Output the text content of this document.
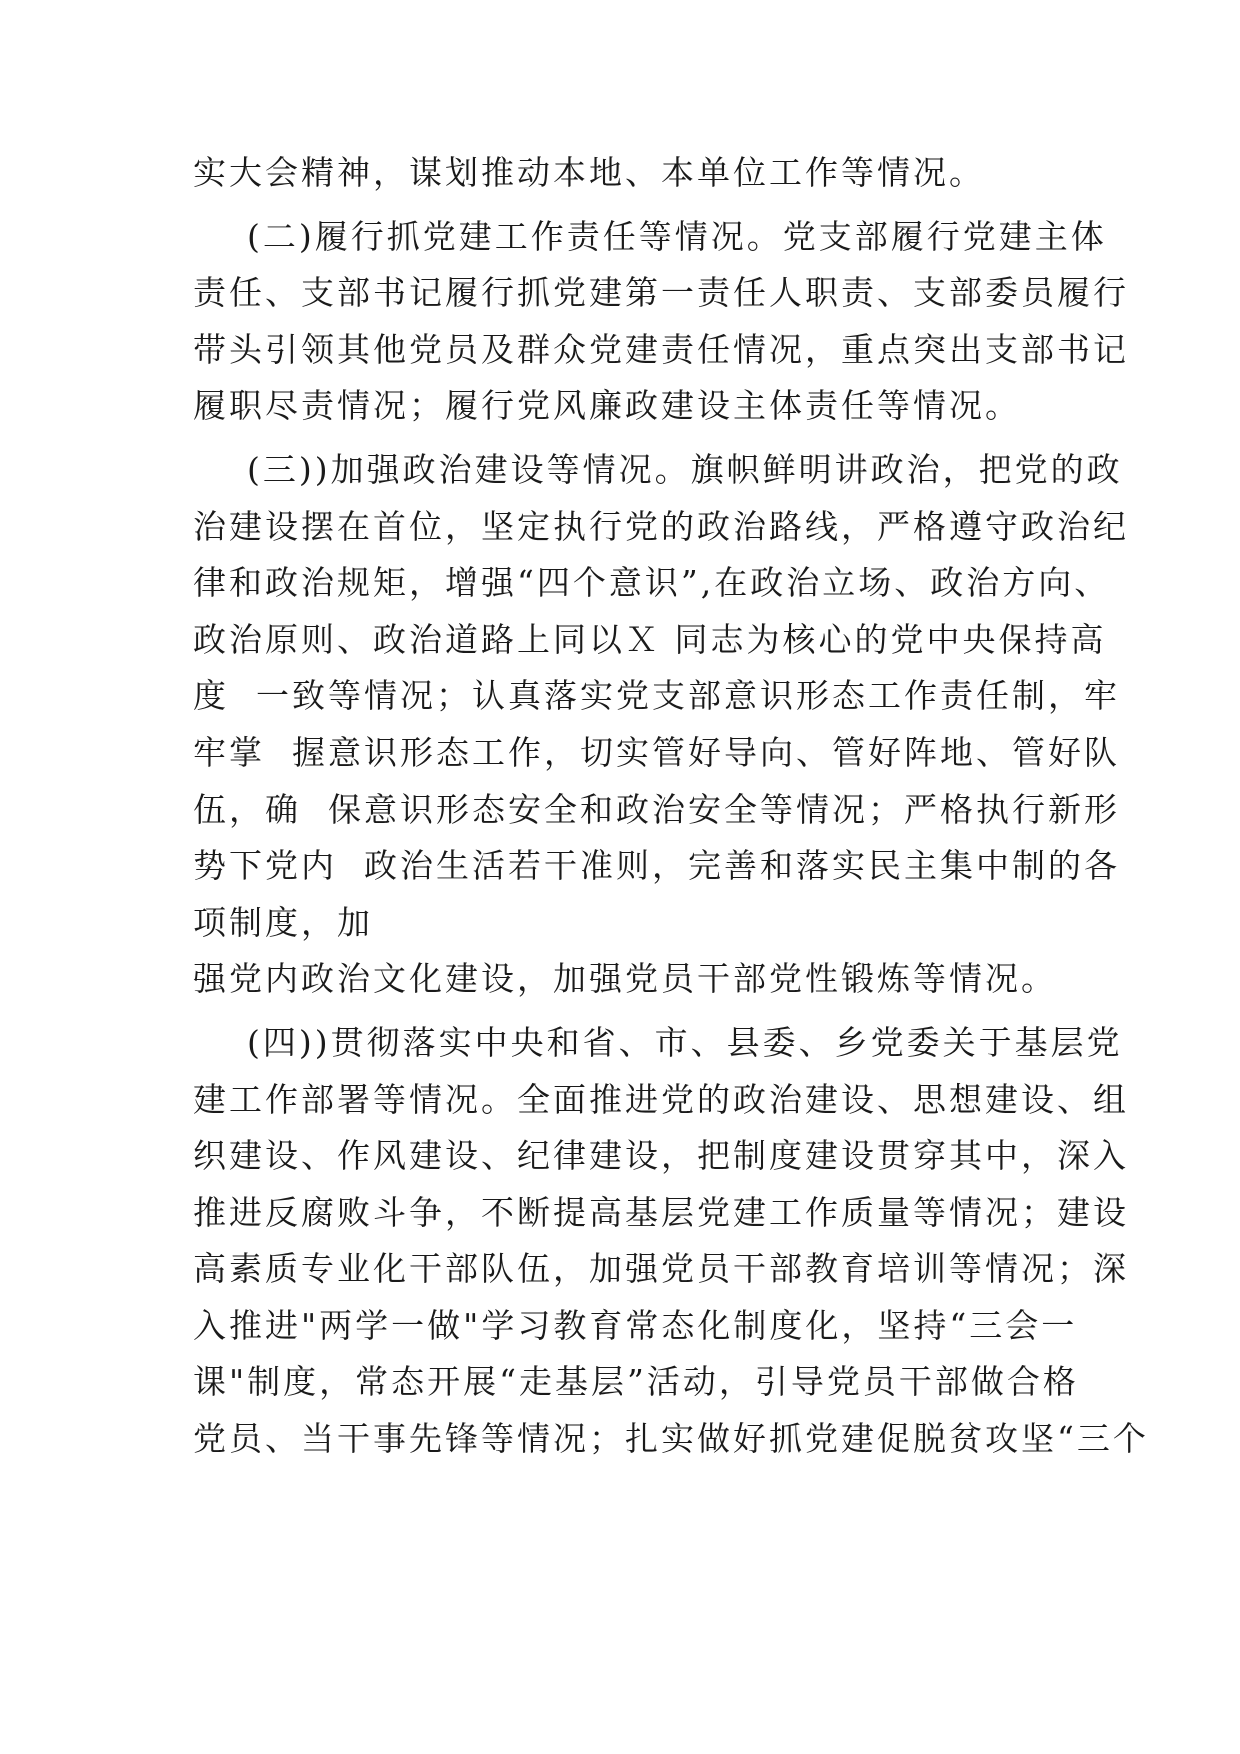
实大会精神，谋划推动本地、本单位工作等情况。
(二)履行抓党建工作责任等情况。党支部履行党建主体
责任、支部书记履行抓党建第一责任人职责、支部委员履行
带头引领其他党员及群众党建责任情况，重点突出支部书记
履职尽责情况；履行党风廉政建设主体责任等情况。
(三))加强政治建设等情况。旗帜鲜明讲政治，把党的政
治建设摆在首位，坚定执行党的政治路线，严格遵守政治纪
律和政治规矩，增强“四个意识”,在政治立场、政治方向、
政治原则、政治道路上同以Ｘ 同志为核心的党中央保持高
度  一致等情况；认真落实党支部意识形态工作责任制，牢
牢掌  握意识形态工作，切实管好导向、管好阵地、管好队
伍，确  保意识形态安全和政治安全等情况；严格执行新形
势下党内  政治生活若干准则，完善和落实民主集中制的各
项制度，加
强党内政治文化建设，加强党员干部党性锻炼等情况。
(四))贯彻落实中央和省、市、县委、乡党委关于基层党
建工作部署等情况。全面推进党的政治建设、思想建设、组
织建设、作风建设、纪律建设，把制度建设贯穿其中，深入
推进反腐败斗争，不断提高基层党建工作质量等情况；建设
高素质专业化干部队伍，加强党员干部教育培训等情况；深
入推进"两学一做"学习教育常态化制度化，坚持“三会一
课"制度，常态开展“走基层”活动，引导党员干部做合格
党员、当干事先锋等情况；扎实做好抓党建促脱贫攻坚“三个
